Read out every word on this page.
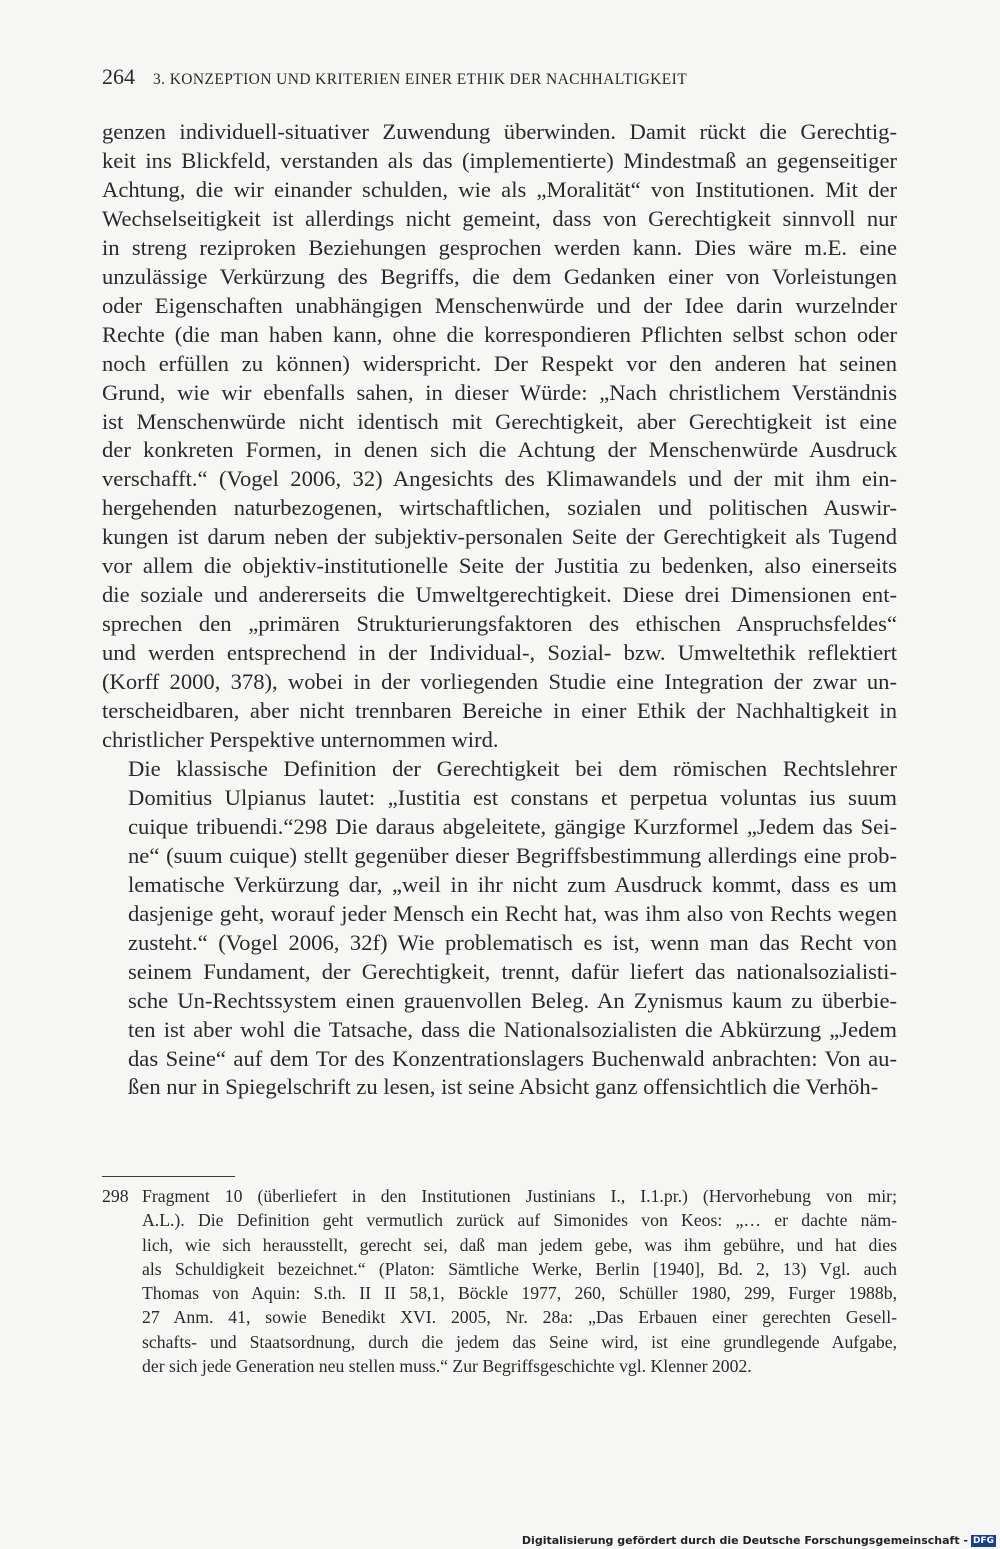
264 3. KONZEPTION UND KRITERIEN EINER ETHIK DER NACHHALTIGKEIT

genzen individuell-situativer Zuwendung überwinden. Damit rückt die Gerechtig-
keit ins Blickfeld, verstanden als das (implementierte) Mindestmaß an gegenseitiger
Achtung, die wir einander schulden, wie als „Moralität“ von Institutionen. Mit der
Wechselseitigkeit ist allerdings nicht gemeint, dass von Gerechtigkeit sinnvoll nur
in streng reziproken Beziehungen gesprochen werden kann. Dies wäre m.E. eine
unzulässige Verkürzung des Begriffs, die dem Gedanken einer von Vorleistungen
oder Eigenschaften unabhängigen Menschenwürde und der Idee darin wurzelnder
Rechte (die man haben kann, ohne die korrespondieren Pflichten selbst schon oder
noch erfüllen zu können) widerspricht. Der Respekt vor den anderen hat seinen
Grund, wie wir ebenfalls sahen, in dieser Würde: „Nach christlichem Verständnis
ist Menschenwürde nicht identisch mit Gerechtigkeit, aber Gerechtigkeit ist eine
der konkreten Formen, in denen sich die Achtung der Menschenwürde Ausdruck
verschafft.“ (Vogel 2006, 32) Angesichts des Klimawandels und der mit ihm ein-
hergehenden naturbezogenen, wirtschaftlichen, sozialen und politischen Auswir-
kungen ist darum neben der subjektiv-personalen Seite der Gerechtigkeit als Tugend
vor allem die objektiv-institutionelle Seite der Justitia zu bedenken, also einerseits
die soziale und andererseits die Umweltgerechtigkeit. Diese drei Dimensionen ent-
sprechen den „primären Strukturierungsfaktoren des ethischen Anspruchsfeldes“
und werden entsprechend in der Individual-, Sozial- bzw. Umweltethik reflektiert
(Korff 2000, 378), wobei in der vorliegenden Studie eine Integration der zwar un-
terscheidbaren, aber nicht trennbaren Bereiche in einer Ethik der Nachhaltigkeit in
christlicher Perspektive unternommen wird.

Die klassische Definition der Gerechtigkeit bei dem römischen Rechtslehrer
Domitius Ulpianus lautet: „Iustitia est constans et perpetua voluntas ius suum
cuique tribuendi.“298 Die daraus abgeleitete, gängige Kurzformel „Jedem das Sei-
ne“ (suum cuique) stellt gegenüber dieser Begriffsbestimmung allerdings eine prob-
lematische Verkürzung dar, „weil in ihr nicht zum Ausdruck kommt, dass es um
dasjenige geht, worauf jeder Mensch ein Recht hat, was ihm also von Rechts wegen
zusteht.“ (Vogel 2006, 32f) Wie problematisch es ist, wenn man das Recht von
seinem Fundament, der Gerechtigkeit, trennt, dafür liefert das nationalsozialisti-
sche Un-Rechtssystem einen grauenvollen Beleg. An Zynismus kaum zu überbie-
ten ist aber wohl die Tatsache, dass die Nationalsozialisten die Abkürzung „Jedem
das Seine“ auf dem Tor des Konzentrationslagers Buchenwald anbrachten: Von au-
ßen nur in Spiegelschrift zu lesen, ist seine Absicht ganz offensichtlich die Verhöh-

298 Fragment 10 (überliefert in den Institutionen Justinians I., I.1.pr.) (Hervorhebung von mir;
A.L.). Die Definition geht vermutlich zurück auf Simonides von Keos: „… er dachte näm-
lich, wie sich herausstellt, gerecht sei, daß man jedem gebe, was ihm gebühre, und hat dies
als Schuldigkeit bezeichnet.“ (Platon: Sämtliche Werke, Berlin [1940], Bd. 2, 13) Vgl. auch
Thomas von Aquin: S.th. II II 58,1, Böckle 1977, 260, Schüller 1980, 299, Furger 1988b,
27 Anm. 41, sowie Benedikt XVI. 2005, Nr. 28a: „Das Erbauen einer gerechten Gesell-
schafts- und Staatsordnung, durch die jedem das Seine wird, ist eine grundlegende Aufgabe,
der sich jede Generation neu stellen muss.“ Zur Begriffsgeschichte vgl. Klenner 2002.
Digitalisierung gefördert durch die Deutsche Forschungsgemeinschaft - DFG
